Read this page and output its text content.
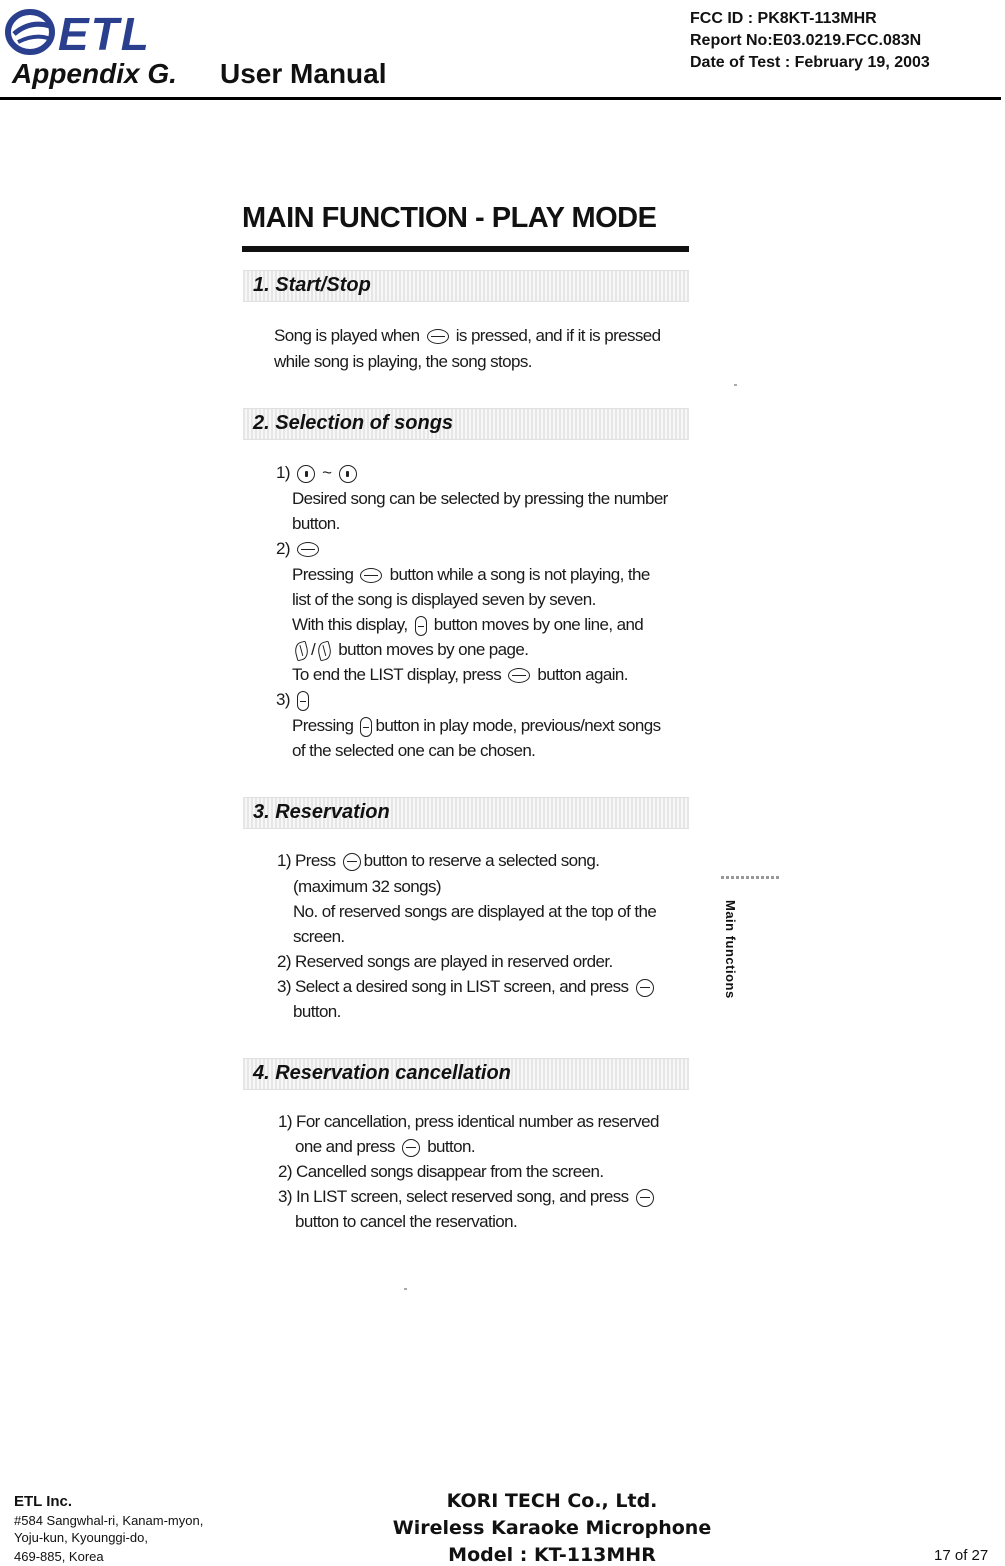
ETL
Appendix G. User Manual
FCC ID : PK8KT-113MHR
Report No:E03.0219.FCC.083N
Date of Test : February 19, 2003
MAIN FUNCTION - PLAY MODE
1. Start/Stop
Song is played when is pressed, and if it is pressed
while song is playing, the song stops.
2. Selection of songs
1) ~
Desired song can be selected by pressing the number
button.
2)
Pressing button while a song is not playing, the
list of the song is displayed seven by seven.
With this display, button moves by one line, and
/ button moves by one page.
To end the LIST display, press button again.
3)
Pressing button in play mode, previous/next songs
of the selected one can be chosen.
3. Reservation
1) Press button to reserve a selected song.
(maximum 32 songs)
No. of reserved songs are displayed at the top of the
screen.
2) Reserved songs are played in reserved order.
3) Select a desired song in LIST screen, and press
button.
4. Reservation cancellation
1) For cancellation, press identical number as reserved
one and press button.
2) Cancelled songs disappear from the screen.
3) In LIST screen, select reserved song, and press
button to cancel the reservation.
Main functions
ETL Inc.
#584 Sangwhal-ri, Kanam-myon,
Yoju-kun, Kyounggi-do,
469-885, Korea
KORI TECH Co., Ltd.
Wireless Karaoke Microphone
Model : KT-113MHR	17 of 27
